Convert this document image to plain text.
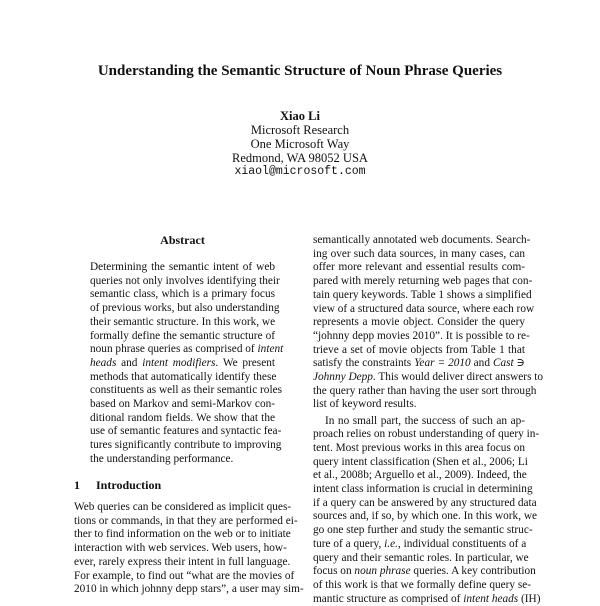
Understanding the Semantic Structure of Noun Phrase Queries
Xiao Li
Microsoft Research
One Microsoft Way
Redmond, WA 98052 USA
xiaol@microsoft.com
Abstract
Determining the semantic intent of web
queries not only involves identifying their
semantic class, which is a primary focus
of previous works, but also understanding
their semantic structure. In this work, we
formally define the semantic structure of
noun phrase queries as comprised of intent
heads and intent modifiers. We present
methods that automatically identify these
constituents as well as their semantic roles
based on Markov and semi-Markov con-
ditional random fields. We show that the
use of semantic features and syntactic fea-
tures significantly contribute to improving
the understanding performance.
1 Introduction
Web queries can be considered as implicit ques-
tions or commands, in that they are performed ei-
ther to find information on the web or to initiate
interaction with web services. Web users, how-
ever, rarely express their intent in full language.
For example, to find out “what are the movies of
2010 in which johnny depp stars”, a user may sim-
semantically annotated web documents. Search-
ing over such data sources, in many cases, can
offer more relevant and essential results com-
pared with merely returning web pages that con-
tain query keywords. Table 1 shows a simplified
view of a structured data source, where each row
represents a movie object. Consider the query
“johnny depp movies 2010”. It is possible to re-
trieve a set of movie objects from Table 1 that
satisfy the constraints Year = 2010 and Cast ∋
Johnny Depp. This would deliver direct answers to
the query rather than having the user sort through
list of keyword results.
In no small part, the success of such an ap-
proach relies on robust understanding of query in-
tent. Most previous works in this area focus on
query intent classification (Shen et al., 2006; Li
et al., 2008b; Arguello et al., 2009). Indeed, the
intent class information is crucial in determining
if a query can be answered by any structured data
sources and, if so, by which one. In this work, we
go one step further and study the semantic struc-
ture of a query, i.e., individual constituents of a
query and their semantic roles. In particular, we
focus on noun phrase queries. A key contribution
of this work is that we formally define query se-
mantic structure as comprised of intent heads (IH)
